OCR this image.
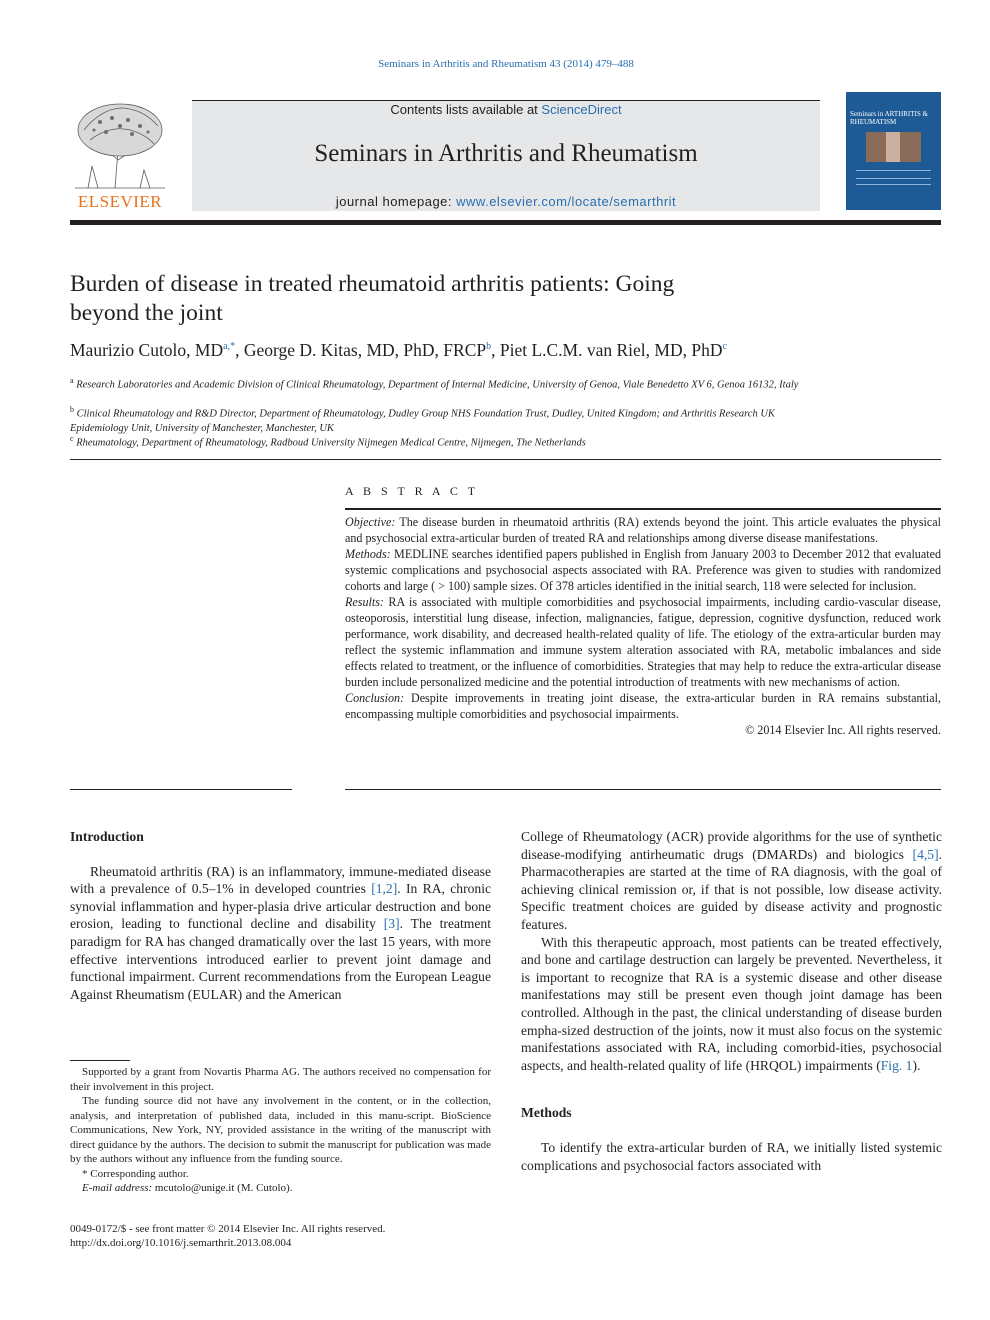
Seminars in Arthritis and Rheumatism 43 (2014) 479–488
ELSEVIER
Contents lists available at ScienceDirect
Seminars in Arthritis and Rheumatism
journal homepage: www.elsevier.com/locate/semarthrit
Seminars in ARTHRITIS & RHEUMATISM
Burden of disease in treated rheumatoid arthritis patients: Going
beyond the joint
Maurizio Cutolo, $MD^{a,*}$, George D. Kitas, MD, PhD, FRCP$^b$, Piet L.C.M. van Riel, MD, PhD$^c$
$^a$ Research Laboratories and Academic Division of Clinical Rheumatology, Department of Internal Medicine, University of Genoa, Viale Benedetto XV 6, Genoa 16132, Italy
$^b$ Clinical Rheumatology and R&D Director, Department of Rheumatology, Dudley Group NHS Foundation Trust, Dudley, United Kingdom; and Arthritis Research UK Epidemiology Unit, University of Manchester, Manchester, UK
$^c$ Rheumatology, Department of Rheumatology, Radboud University Nijmegen Medical Centre, Nijmegen, The Netherlands
A B S T R A C T

Objective: The disease burden in rheumatoid arthritis (RA) extends beyond the joint. This article evaluates the physical and psychosocial extra-articular burden of treated RA and relationships among diverse disease manifestations.

Methods: MEDLINE searches identified papers published in English from January 2003 to December 2012 that evaluated systemic complications and psychosocial aspects associated with RA. Preference was given to studies with randomized cohorts and large ( > 100) sample sizes. Of 378 articles identified in the initial search, 118 were selected for inclusion.

Results: RA is associated with multiple comorbidities and psychosocial impairments, including cardio-vascular disease, osteoporosis, interstitial lung disease, infection, malignancies, fatigue, depression, cognitive dysfunction, reduced work performance, work disability, and decreased health-related quality of life. The etiology of the extra-articular burden may reflect the systemic inflammation and immune system alteration associated with RA, metabolic imbalances and side effects related to treatment, or the influence of comorbidities. Strategies that may help to reduce the extra-articular disease burden include personalized medicine and the potential introduction of treatments with new mechanisms of action.

Conclusion: Despite improvements in treating joint disease, the extra-articular burden in RA remains substantial, encompassing multiple comorbidities and psychosocial impairments.

© 2014 Elsevier Inc. All rights reserved.

Introduction

Rheumatoid arthritis (RA) is an inflammatory, immune-mediated disease with a prevalence of 0.5–1% in developed countries [1,2]. In RA, chronic synovial inflammation and hyper-plasia drive articular destruction and bone erosion, leading to functional decline and disability [3]. The treatment paradigm for RA has changed dramatically over the last 15 years, with more effective interventions introduced earlier to prevent joint damage and functional impairment. Current recommendations from the European League Against Rheumatism (EULAR) and the American

College of Rheumatology (ACR) provide algorithms for the use of synthetic disease-modifying antirheumatic drugs (DMARDs) and biologics [4,5]. Pharmacotherapies are started at the time of RA diagnosis, with the goal of achieving clinical remission or, if that is not possible, low disease activity. Specific treatment choices are guided by disease activity and prognostic features.

With this therapeutic approach, most patients can be treated effectively, and bone and cartilage destruction can largely be prevented. Nevertheless, it is important to recognize that RA is a systemic disease and other disease manifestations may still be present even though joint damage has been controlled. Although in the past, the clinical understanding of disease burden empha-sized destruction of the joints, now it must also focus on the systemic manifestations associated with RA, including comorbid-ities, psychosocial aspects, and health-related quality of life (HRQOL) impairments (Fig. 1).

Methods

To identify the extra-articular burden of RA, we initially listed systemic complications and psychosocial factors associated with

Supported by a grant from Novartis Pharma AG. The authors received no compensation for their involvement in this project.

The funding source did not have any involvement in the content, or in the collection, analysis, and interpretation of published data, included in this manu-script. BioScience Communications, New York, NY, provided assistance in the writing of the manuscript with direct guidance by the authors. The decision to submit the manuscript for publication was made by the authors without any influence from the funding source.

* Corresponding author.

E-mail address: mcutolo@unige.it (M. Cutolo).

0049-0172/$ - see front matter © 2014 Elsevier Inc. All rights reserved.
http://dx.doi.org/10.1016/j.semarthrit.2013.08.004
